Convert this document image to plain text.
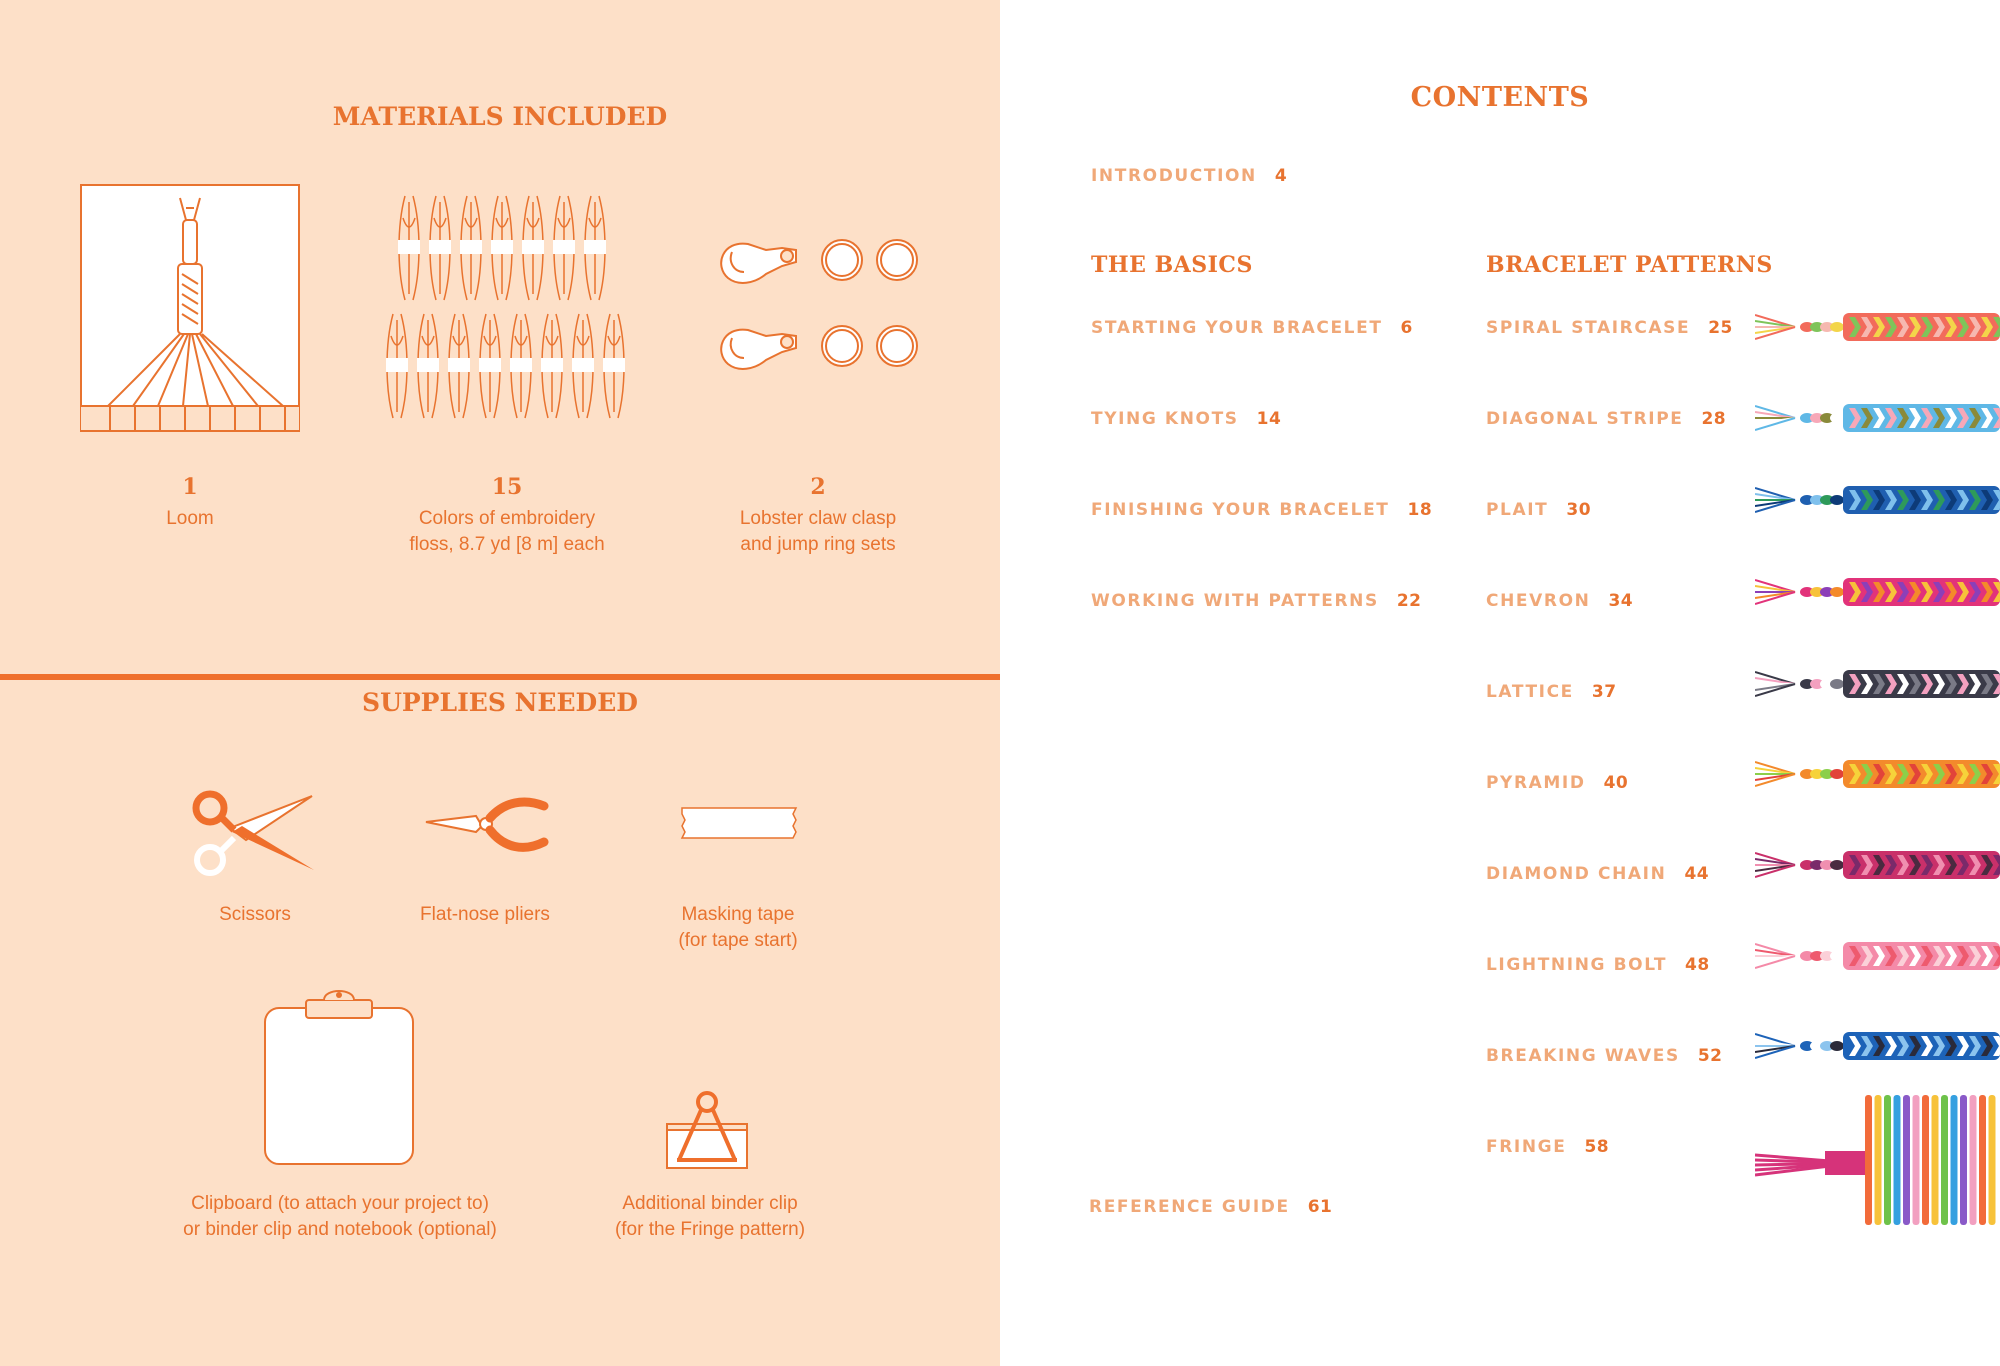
MATERIALS INCLUDED
1
Loom
15
Colors of embroidery
floss, 8.7 yd [8 m] each
2
Lobster claw clasp
and jump ring sets
SUPPLIES NEEDED
Scissors	Flat-nose pliers	Masking tape
(for tape start)
Clipboard (to attach your project to)
or binder clip and notebook (optional)
Additional binder clip
(for the Fringe pattern)
CONTENTS
INTRODUCTION 4
THE BASICS	BRACELET PATTERNS
STARTING YOUR BRACELET 6
TYING KNOTS 14
FINISHING YOUR BRACELET 18
WORKING WITH PATTERNS 22
SPIRAL STAIRCASE 25
DIAGONAL STRIPE 28
PLAIT 30
CHEVRON 34
LATTICE 37
PYRAMID 40
DIAMOND CHAIN 44
LIGHTNING BOLT 48
BREAKING WAVES 52
FRINGE 58
REFERENCE GUIDE 61
